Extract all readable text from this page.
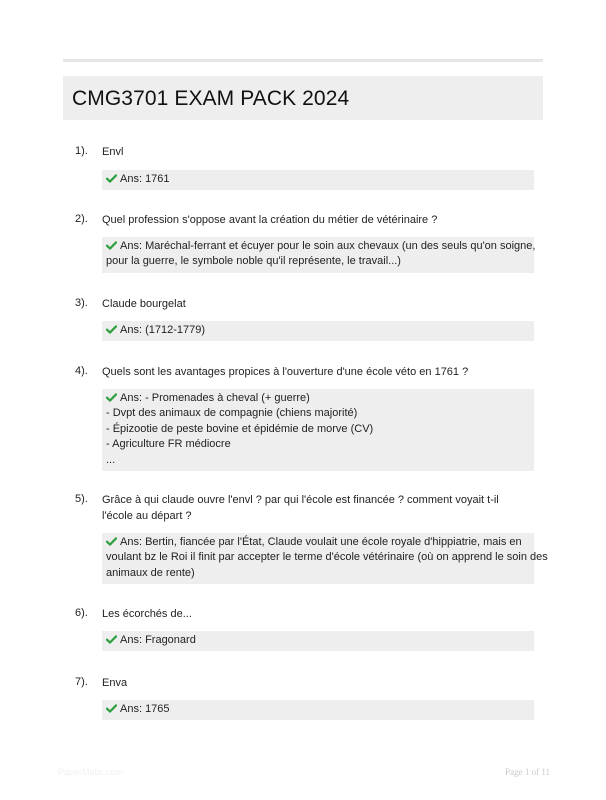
CMG3701 EXAM PACK 2024
1). Envl
Ans: 1761
2). Quel profession s'oppose avant la création du métier de vétérinaire ?
Ans: Maréchal-ferrant et écuyer pour le soin aux chevaux (un des seuls qu'on soigne,
pour la guerre, le symbole noble qu'il représente, le travail...)
3). Claude bourgelat
Ans: (1712-1779)
4). Quels sont les avantages propices à l'ouverture d'une école véto en 1761 ?
Ans: - Promenades à cheval (+ guerre)
- Dvpt des animaux de compagnie (chiens majorité)
- Épizootie de peste bovine et épidémie de morve (CV)
- Agriculture FR médiocre
...
5). Grâce à qui claude ouvre l'envl ? par qui l'école est financée ? comment voyait t-il l'école au départ ?
Ans: Bertin, fiancée par l'État, Claude voulait une école royale d'hippiatrie, mais en
voulant bz le Roi il finit par accepter le terme d'école vétérinaire (où on apprend le soin des
animaux de rente)
6). Les écorchés de...
Ans: Fragonard
7). Enva
Ans: 1765
PaperMatic.com	Page 1 of 11
